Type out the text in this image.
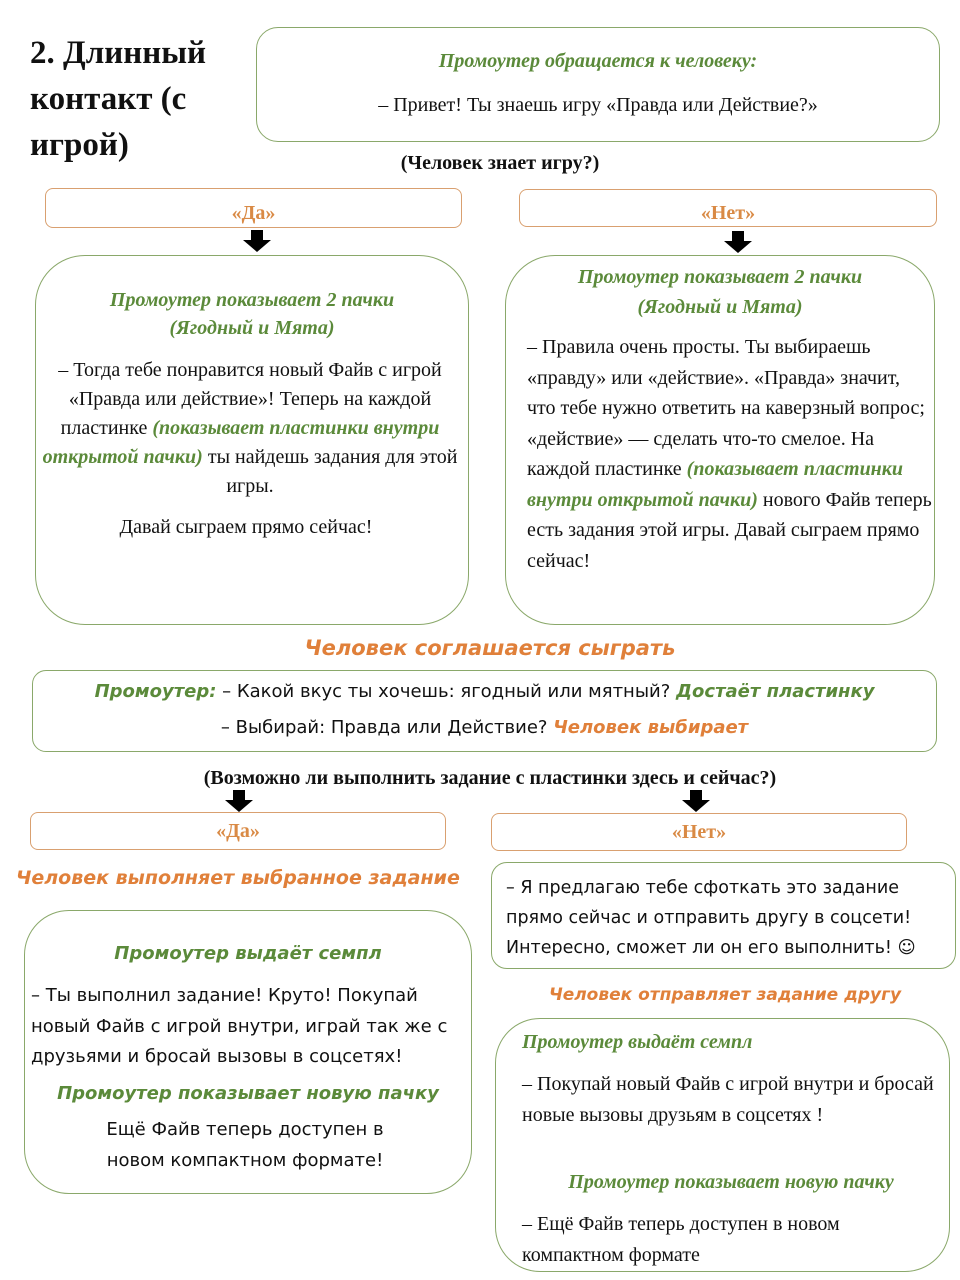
2. Длинный контакт (с игрой)
Промоутер обращается к человеку:
– Привет! Ты знаешь игру «Правда или Действие?»
(Человек знает игру?)
«Да»	«Нет»
Промоутер показывает 2 пачки
(Ягодный и Мята)
– Тогда тебе понравится новый Файв с игрой «Правда или действие»! Теперь на каждой пластинке (показывает пластинки внутри открытой пачки) ты найдешь задания для этой игры.
Давай сыграем прямо сейчас!
Промоутер показывает 2 пачки
(Ягодный и Мята)
– Правила очень просты. Ты выбираешь «правду» или «действие». «Правда» значит, что тебе нужно ответить на каверзный вопрос; «действие» — сделать что-то смелое. На каждой пластинке (показывает пластинки внутри открытой пачки) нового Файв теперь есть задания этой игры. Давай сыграем прямо сейчас!
Человек соглашается сыграть
Промоутер: – Какой вкус ты хочешь: ягодный или мятный? Достаёт пластинку
– Выбирай: Правда или Действие? Человек выбирает
(Возможно ли выполнить задание с пластинки здесь и сейчас?)
«Да»	«Нет»
Человек выполняет выбранное задание
Промоутер выдаёт семпл
– Ты выполнил задание! Круто! Покупай новый Файв с игрой внутри, играй так же с друзьями и бросай вызовы в соцсетях!
Промоутер показывает новую пачку
Ещё Файв теперь доступен в новом компактном формате!
– Я предлагаю тебе сфоткать это задание прямо сейчас и отправить другу в соцсети! Интересно, сможет ли он его выполнить! ☺
Человек отправляет задание другу
Промоутер выдаёт семпл
– Покупай новый Файв с игрой внутри и бросай новые вызовы друзьям в соцсетях !
Промоутер показывает новую пачку
– Ещё Файв теперь доступен в новом компактном формате
